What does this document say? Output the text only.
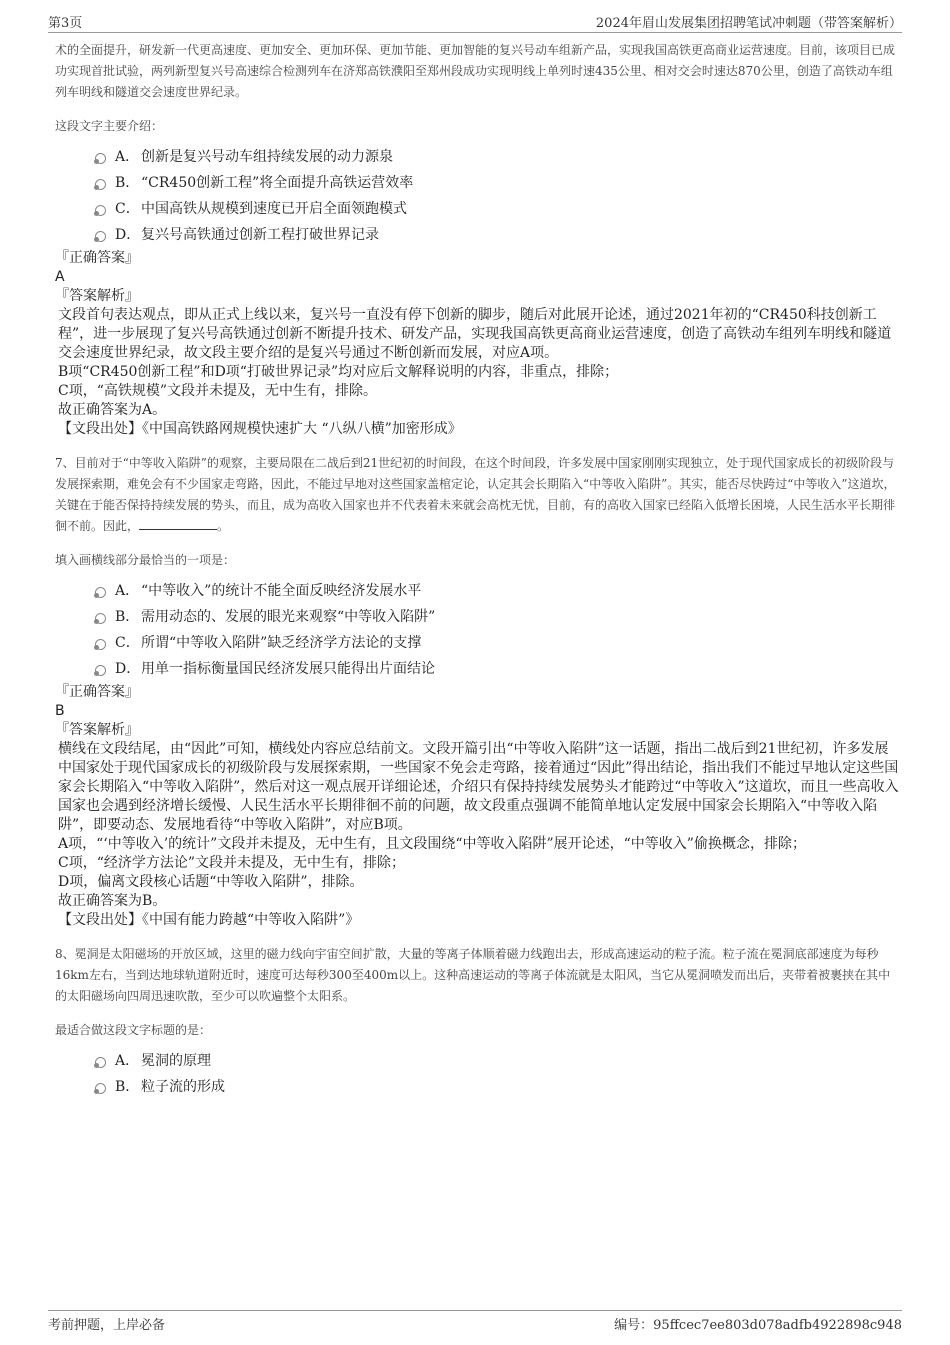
第3页	2024年眉山发展集团招聘笔试冲刺题（带答案解析）

术的全面提升，研发新一代更高速度、更加安全、更加环保、更加节能、更加智能的复兴号动车组新产品，实现我国高铁更高商业运营速度。目前，该项目已成功实现首批试验，两列新型复兴号高速综合检测列车在济郑高铁濮阳至郑州段成功实现明线上单列时速435公里、相对交会时速达870公里，创造了高铁动车组列车明线和隧道交会速度世界纪录。

这段文字主要介绍：

A． 创新是复兴号动车组持续发展的动力源泉
B． “CR450创新工程”将全面提升高铁运营效率
C．中国高铁从规模到速度已开启全面领跑模式
D．复兴号高铁通过创新工程打破世界记录
『正确答案』
A
『答案解析』

文段首句表达观点，即从正式上线以来，复兴号一直没有停下创新的脚步，随后对此展开论述，通过2021年初的“CR450科技创新工程”，进一步展现了复兴号高铁通过创新不断提升技术、研发产品，实现我国高铁更高商业运营速度，创造了高铁动车组列车明线和隧道交会速度世界纪录，故文段主要介绍的是复兴号通过不断创新而发展，对应A项。

B项“CR450创新工程”和D项“打破世界记录”均对应后文解释说明的内容，非重点，排除；

C项，“高铁规模”文段并未提及，无中生有，排除。

故正确答案为A。

【文段出处】《中国高铁路网规模快速扩大 “八纵八横”加密形成》

7、目前对于“中等收入陷阱”的观察，主要局限在二战后到21世纪初的时间段，在这个时间段，许多发展中国家刚刚实现独立，处于现代国家成长的初级阶段与发展探索期，难免会有不少国家走弯路，因此，不能过早地对这些国家盖棺定论，认定其会长期陷入“中等收入陷阱”。其实，能否尽快跨过“中等收入”这道坎，关键在于能否保持持续发展的势头，而且，成为高收入国家也并不代表着未来就会高枕无忧，目前，有的高收入国家已经陷入低增长困境，人民生活水平长期徘徊不前。因此，	。

填入画横线部分最恰当的一项是：

A． “中等收入”的统计不能全面反映经济发展水平
B． 需用动态的、发展的眼光来观察“中等收入陷阱”
C．所谓“中等收入陷阱”缺乏经济学方法论的支撑
D．用单一指标衡量国民经济发展只能得出片面结论
『正确答案』
B
『答案解析』

横线在文段结尾，由“因此”可知，横线处内容应总结前文。文段开篇引出“中等收入陷阱”这一话题，指出二战后到21世纪初，许多发展中国家处于现代国家成长的初级阶段与发展探索期，一些国家不免会走弯路，接着通过“因此”得出结论，指出我们不能过早地认定这些国家会长期陷入“中等收入陷阱”，然后对这一观点展开详细论述，介绍只有保持持续发展势头才能跨过“中等收入”这道坎，而且一些高收入国家也会遇到经济增长缓慢、人民生活水平长期徘徊不前的问题，故文段重点强调不能简单地认定发展中国家会长期陷入“中等收入陷阱”，即要动态、发展地看待“中等收入陷阱”，对应B项。

A项，“‘中等收入’的统计”文段并未提及，无中生有，且文段围绕“中等收入陷阱”展开论述，“中等收入”偷换概念，排除；

C项，“经济学方法论”文段并未提及，无中生有，排除；

D项，偏离文段核心话题“中等收入陷阱”，排除。

故正确答案为B。

【文段出处】《中国有能力跨越“中等收入陷阱”》

8、冕洞是太阳磁场的开放区域，这里的磁力线向宇宙空间扩散，大量的等离子体顺着磁力线跑出去，形成高速运动的粒子流。粒子流在冕洞底部速度为每秒16km左右，当到达地球轨道附近时，速度可达每秒300至400m以上。这种高速运动的等离子体流就是太阳风，当它从冕洞喷发而出后，夹带着被裹挟在其中的太阳磁场向四周迅速吹散，至少可以吹遍整个太阳系。

最适合做这段文字标题的是：

A． 冕洞的原理
B． 粒子流的形成
考前押题，上岸必备	编号：95ffcec7ee803d078adfb4922898c948
